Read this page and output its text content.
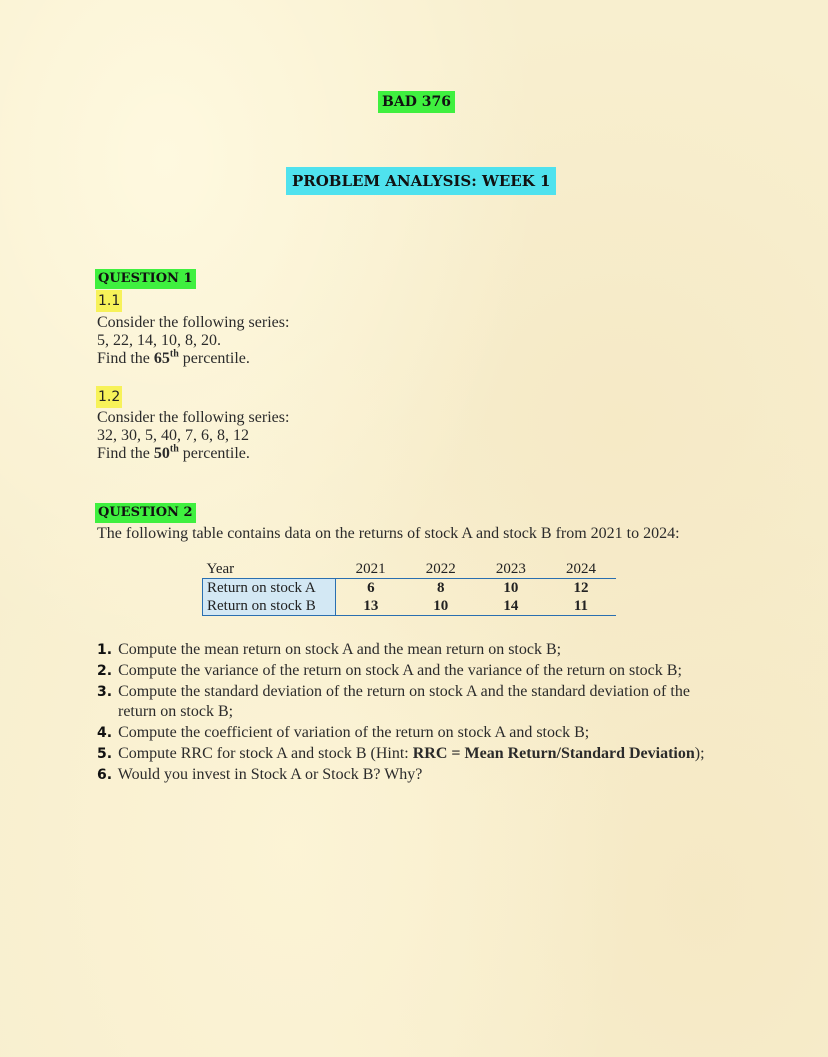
BAD 376
PROBLEM ANALYSIS: WEEK 1
QUESTION 1
1.1
Consider the following series:
5, 22, 14, 10, 8, 20.
Find the 65th percentile.
1.2
Consider the following series:
32, 30, 5, 40, 7, 6, 8, 12
Find the 50th percentile.
QUESTION 2
The following table contains data on the returns of stock A and stock B from 2021 to 2024:
Year	2021	2022	2023	2024
Return on stock A	6	8	10	12
Return on stock B	13	10	14	11
1. Compute the mean return on stock A and the mean return on stock B;
2. Compute the variance of the return on stock A and the variance of the return on stock B;
3. Compute the standard deviation of the return on stock A and the standard deviation of the
return on stock B;
4. Compute the coefficient of variation of the return on stock A and stock B;
5. Compute RRC for stock A and stock B (Hint: RRC = Mean Return/Standard Deviation);
6. Would you invest in Stock A or Stock B? Why?
